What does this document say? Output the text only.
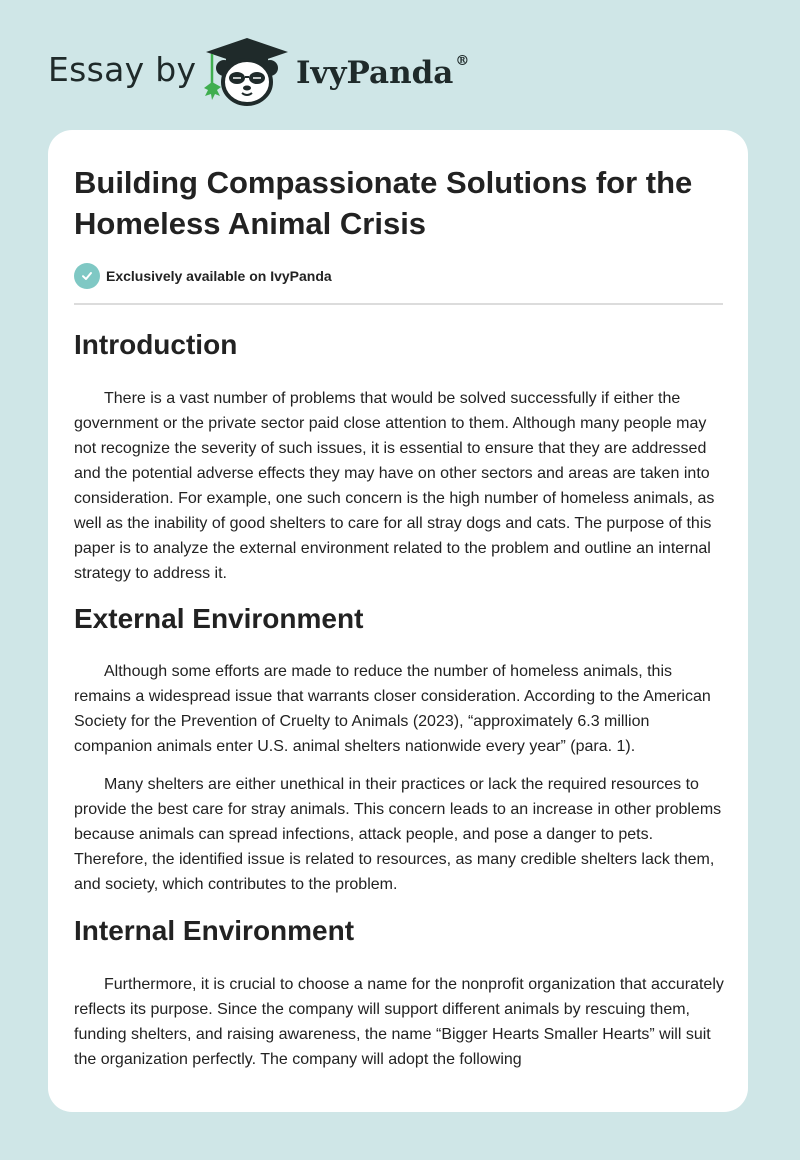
Essay by	IvyPanda ®
Building Compassionate Solutions for the Homeless Animal Crisis
Exclusively available on IvyPanda
Introduction

There is a vast number of problems that would be solved successfully if either the government or the private sector paid close attention to them. Although many people may not recognize the severity of such issues, it is essential to ensure that they are addressed and the potential adverse effects they may have on other sectors and areas are taken into consideration. For example, one such concern is the high number of homeless animals, as well as the inability of good shelters to care for all stray dogs and cats. The purpose of this paper is to analyze the external environment related to the problem and outline an internal strategy to address it.

External Environment

Although some efforts are made to reduce the number of homeless animals, this remains a widespread issue that warrants closer consideration. According to the American Society for the Prevention of Cruelty to Animals (2023), “approximately 6.3 million companion animals enter U.S. animal shelters nationwide every year” (para. 1).

Many shelters are either unethical in their practices or lack the required resources to provide the best care for stray animals. This concern leads to an increase in other problems because animals can spread infections, attack people, and pose a danger to pets. Therefore, the identified issue is related to resources, as many credible shelters lack them, and society, which contributes to the problem.

Internal Environment

Furthermore, it is crucial to choose a name for the nonprofit organization that accurately reflects its purpose. Since the company will support different animals by rescuing them, funding shelters, and raising awareness, the name “Bigger Hearts Smaller Hearts” will suit the organization perfectly. The company will adopt the following
